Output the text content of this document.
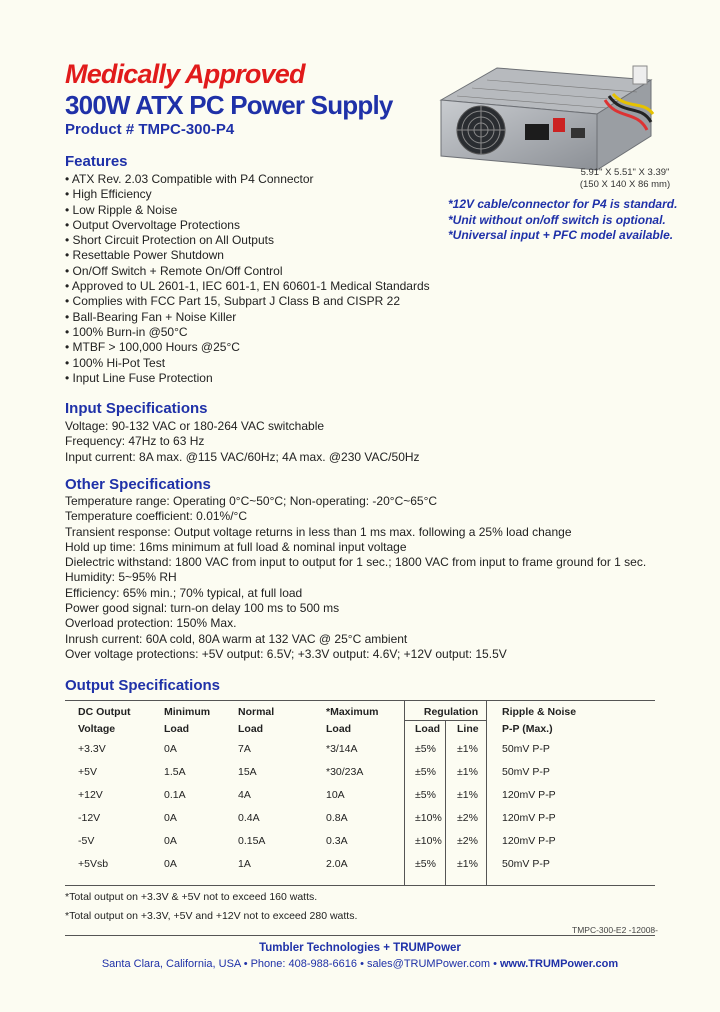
Medically Approved
300W ATX PC Power Supply
Product # TMPC-300-P4
5.91" X 5.51" X 3.39"
(150 X 140 X 86 mm)
*12V cable/connector for P4 is standard.
*Unit without on/off switch is optional.
*Universal input + PFC model available.
Features
• ATX Rev. 2.03 Compatible with P4 Connector
• High Efficiency
• Low Ripple & Noise
• Output Overvoltage Protections
• Short Circuit Protection on All Outputs
• Resettable Power Shutdown
• On/Off Switch + Remote On/Off Control
• Approved to UL 2601-1, IEC 601-1, EN 60601-1 Medical Standards
• Complies with FCC Part 15, Subpart J Class B and CISPR 22
• Ball-Bearing Fan + Noise Killer
• 100% Burn-in @50°C
• MTBF > 100,000 Hours @25°C
• 100% Hi-Pot Test
• Input Line Fuse Protection
Input Specifications
Voltage: 90-132 VAC or 180-264 VAC switchable
Frequency: 47Hz to 63 Hz
Input current: 8A max. @115 VAC/60Hz; 4A max. @230 VAC/50Hz
Other Specifications
Temperature range: Operating 0°C~50°C; Non-operating: -20°C~65°C
Temperature coefficient: 0.01%/°C
Transient response: Output voltage returns in less than 1 ms max. following a 25% load change
Hold up time: 16ms minimum at full load & nominal input voltage
Dielectric withstand: 1800 VAC from input to output for 1 sec.; 1800 VAC from input to frame ground for 1 sec.
Humidity: 5~95% RH
Efficiency: 65% min.; 70% typical, at full load
Power good signal: turn-on delay 100 ms to 500 ms
Overload protection: 150% Max.
Inrush current: 60A cold, 80A warm at 132 VAC @ 25°C ambient
Over voltage protections: +5V output: 6.5V; +3.3V output: 4.6V; +12V output: 15.5V
Output Specifications
DC Output	Minimum	Normal	*Maximum	Regulation		Ripple & Noise
Voltage	Load	Load	Load	Load	Line	P-P (Max.)
+3.3V	0A	7A	*3/14A	±5%	±1%	50mV P-P
+5V	1.5A	15A	*30/23A	±5%	±1%	50mV P-P
+12V	0.1A	4A	10A	±5%	±1%	120mV P-P
-12V	0A	0.4A	0.8A	±10%	±2%	120mV P-P
-5V	0A	0.15A	0.3A	±10%	±2%	120mV P-P
+5Vsb	0A	1A	2.0A	±5%	±1%	50mV P-P
*Total output on +3.3V & +5V not to exceed 160 watts.
*Total output on +3.3V, +5V and +12V not to exceed 280 watts.
TMPC-300-E2 -12008-
Tumbler Technologies + TRUMPower
Santa Clara, California, USA • Phone: 408-988-6616 • sales@TRUMPower.com • www.TRUMPower.com
